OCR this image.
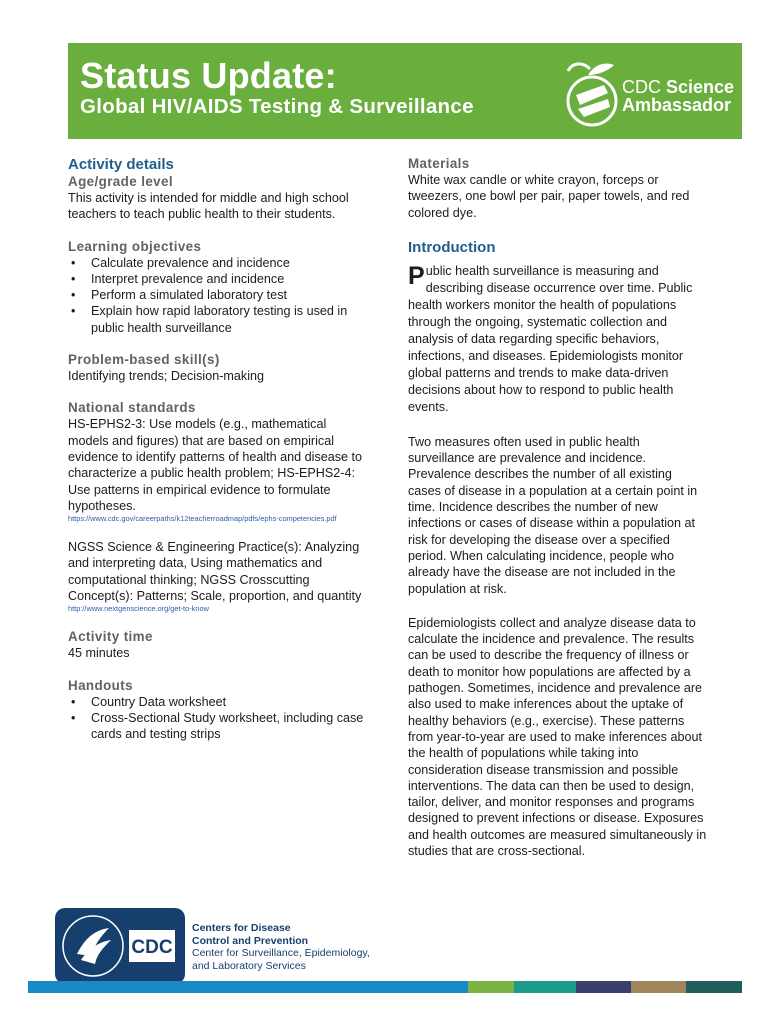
Status Update:
Global HIV/AIDS Testing & Surveillance
CDC Science
Ambassador
Activity details
Age/grade level
This activity is intended for middle and high school teachers to teach public health to their students.
Learning objectives
• Calculate prevalence and incidence
• Interpret prevalence and incidence
• Perform a simulated laboratory test
• Explain how rapid laboratory testing is used in public health surveillance
Problem-based skill(s)
Identifying trends; Decision-making
National standards
HS-EPHS2-3: Use models (e.g., mathematical models and figures) that are based on empirical evidence to identify patterns of health and disease to characterize a public health problem; HS-EPHS2-4: Use patterns in empirical evidence to formulate hypotheses.
https://www.cdc.gov/careerpaths/k12teacherroadmap/pdfs/ephs-competencies.pdf
NGSS Science & Engineering Practice(s): Analyzing and interpreting data, Using mathematics and computational thinking; NGSS Crosscutting Concept(s): Patterns; Scale, proportion, and quantity
http://www.nextgenscience.org/get-to-know
Activity time
45 minutes
Handouts
• Country Data worksheet
• Cross-Sectional Study worksheet, including case cards and testing strips
Materials
White wax candle or white crayon, forceps or tweezers, one bowl per pair, paper towels, and red colored dye.
Introduction
Public health surveillance is measuring and describing disease occurrence over time. Public health workers monitor the health of populations through the ongoing, systematic collection and analysis of data regarding specific behaviors, infections, and diseases. Epidemiologists monitor global patterns and trends to make data-driven decisions about how to respond to public health events.
Two measures often used in public health surveillance are prevalence and incidence. Prevalence describes the number of all existing cases of disease in a population at a certain point in time. Incidence describes the number of new infections or cases of disease within a population at risk for developing the disease over a specified period. When calculating incidence, people who already have the disease are not included in the population at risk.
Epidemiologists collect and analyze disease data to calculate the incidence and prevalence. The results can be used to describe the frequency of illness or death to monitor how populations are affected by a pathogen. Sometimes, incidence and prevalence are also used to make inferences about the uptake of healthy behaviors (e.g., exercise). These patterns from year-to-year are used to make inferences about the health of populations while taking into consideration disease transmission and possible interventions. The data can then be used to design, tailor, deliver, and monitor responses and programs designed to prevent infections or disease. Exposures and health outcomes are measured simultaneously in studies that are cross-sectional.
CDC
Centers for Disease
Control and Prevention
Center for Surveillance, Epidemiology,
and Laboratory Services
